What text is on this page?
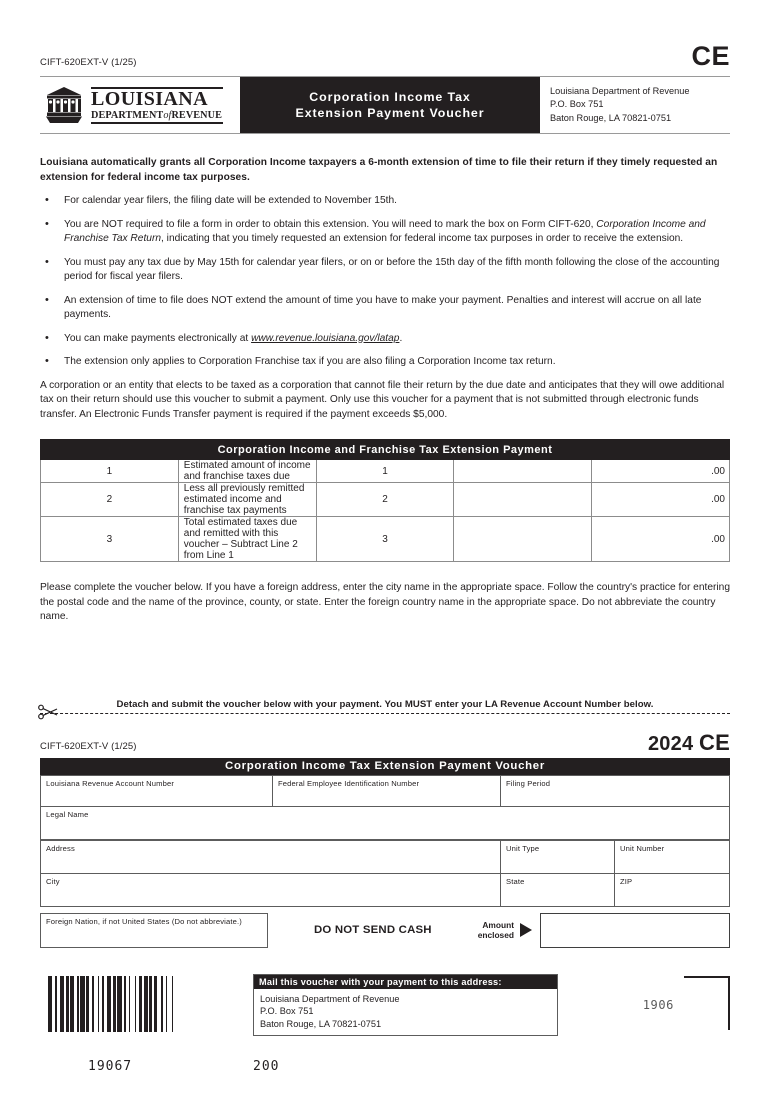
CIFT-620EXT-V (1/25)	CE
LOUISIANA
DEPARTMENTofREVENUE
Corporation Income Tax
Extension Payment Voucher
Louisiana Department of Revenue
P.O. Box 751
Baton Rouge, LA 70821-0751
Louisiana automatically grants all Corporation Income taxpayers a 6-month extension of time to file their return if they timely requested an extension for federal income tax purposes.
• For calendar year filers, the filing date will be extended to November 15th.
• You are NOT required to file a form in order to obtain this extension. You will need to mark the box on Form CIFT-620, Corporation Income and Franchise Tax Return, indicating that you timely requested an extension for federal income tax purposes in order to receive the extension.
• You must pay any tax due by May 15th for calendar year filers, or on or before the 15th day of the fifth month following the close of the accounting period for fiscal year filers.
• An extension of time to file does NOT extend the amount of time you have to make your payment. Penalties and interest will accrue on all late payments.
• You can make payments electronically at www.revenue.louisiana.gov/latap.
• The extension only applies to Corporation Franchise tax if you are also filing a Corporation Income tax return.
A corporation or an entity that elects to be taxed as a corporation that cannot file their return by the due date and anticipates that they will owe additional tax on their return should use this voucher to submit a payment. Only use this voucher for a payment that is not submitted through electronic funds transfer. An Electronic Funds Transfer payment is required if the payment exceeds $5,000.
Corporation Income and Franchise Tax Extension Payment				
1	Estimated amount of income and franchise taxes due	1		.00
2	Less all previously remitted estimated income and franchise tax payments	2		.00
3	Total estimated taxes due and remitted with this voucher – Subtract Line 2 from Line 1	3		.00
Please complete the voucher below. If you have a foreign address, enter the city name in the appropriate space. Follow the country's practice for entering the postal code and the name of the province, county, or state. Enter the foreign country name in the appropriate space. Do not abbreviate the country name.
Detach and submit the voucher below with your payment. You MUST enter your LA Revenue Account Number below.
CIFT-620EXT-V (1/25)	2024 CE
Corporation Income Tax Extension Payment Voucher
Louisiana Revenue Account Number	Federal Employee Identification Number	Filing Period

Legal Name
Address	Unit Type	Unit Number

City	State	ZIP
Foreign Nation, if not United States (Do not abbreviate.)
DO NOT SEND CASH	Amount
enclosed
Mail this voucher with your payment to this address:
Louisiana Department of Revenue
P.O. Box 751
Baton Rouge, LA 70821-0751
1906
19067	200
